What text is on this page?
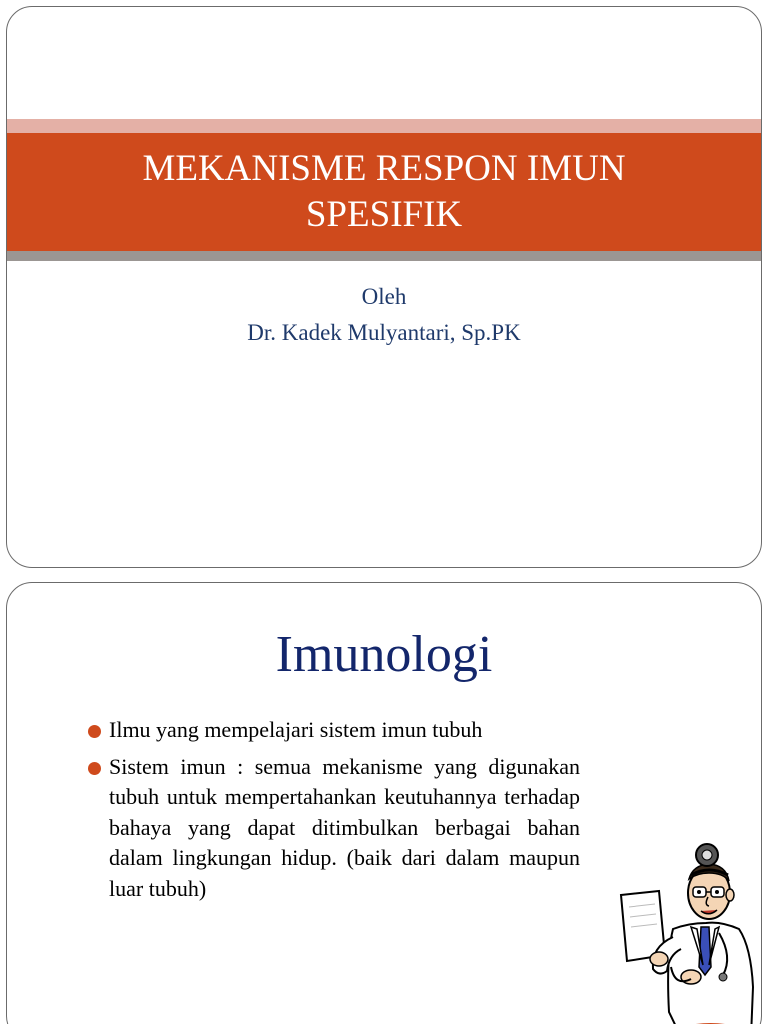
MEKANISME RESPON IMUN SPESIFIK
Oleh
Dr. Kadek Mulyantari, Sp.PK
Imunologi
Ilmu yang mempelajari sistem imun tubuh
Sistem imun : semua mekanisme yang digunakan tubuh untuk mempertahankan keutuhannya terhadap bahaya yang dapat ditimbulkan berbagai bahan dalam lingkungan hidup. (baik dari dalam maupun luar tubuh)
